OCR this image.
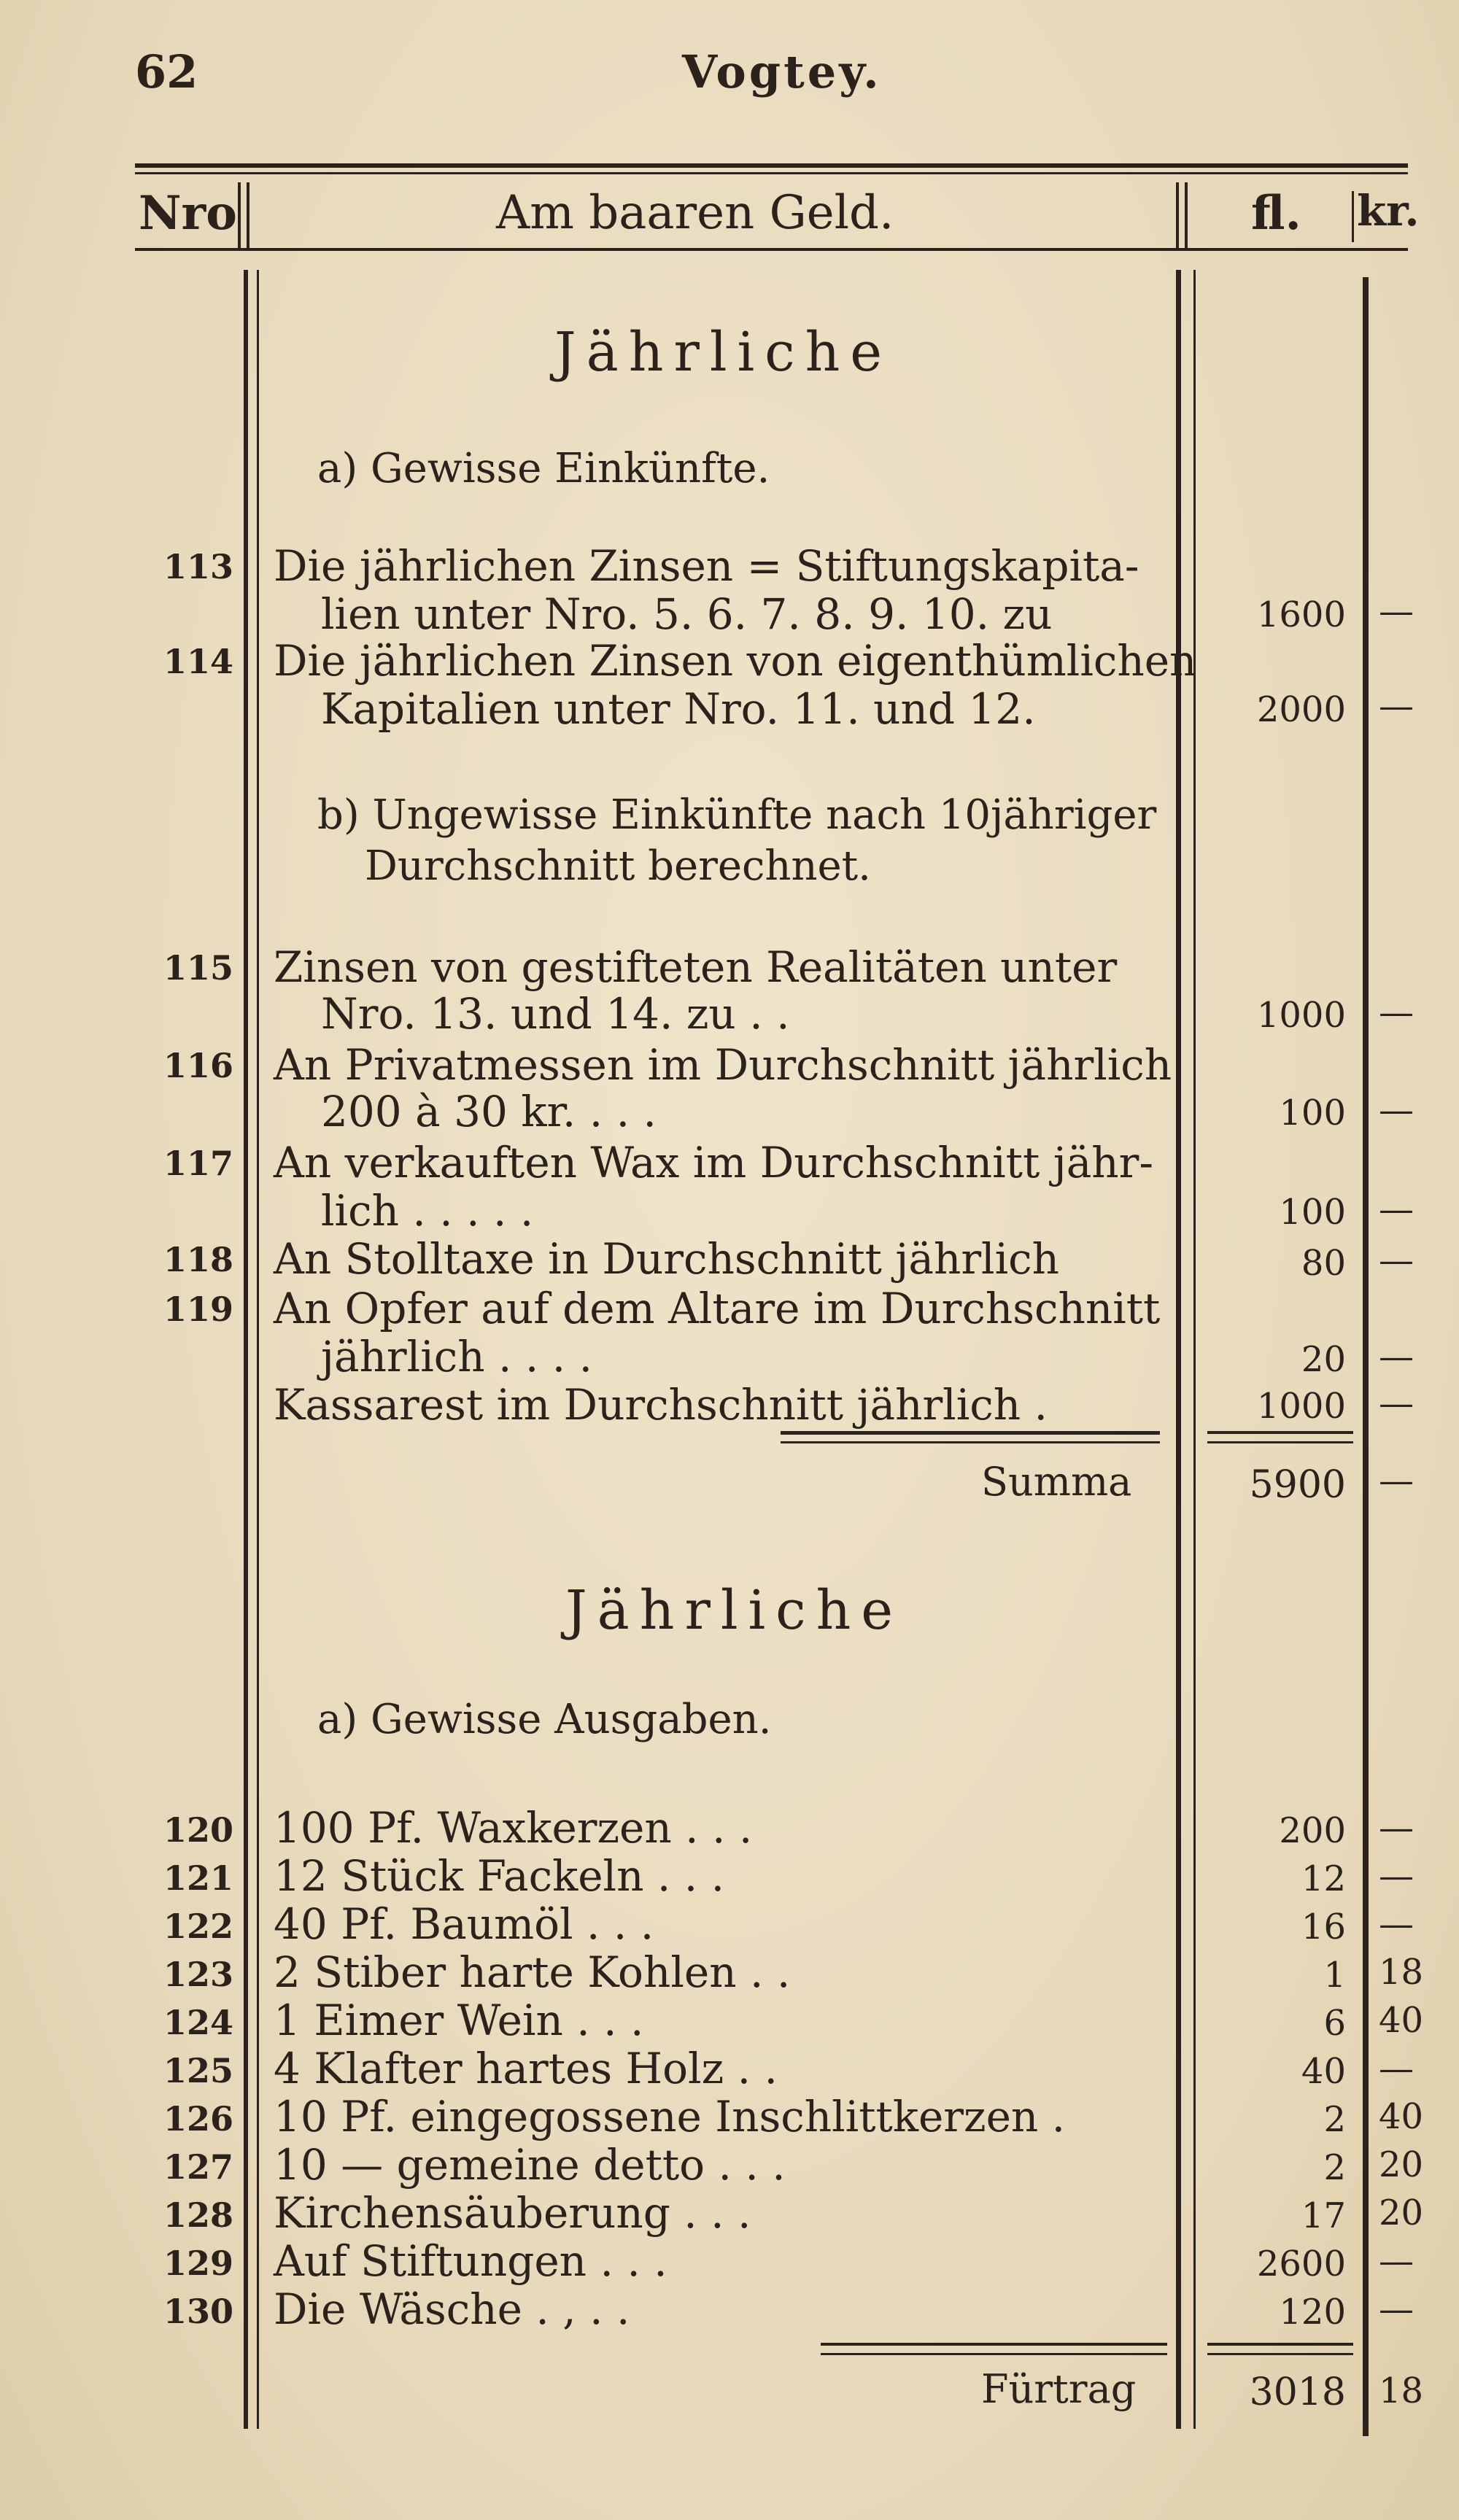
62	Vogtey.
Nro	Am baaren Geld.	fl. kr.
Jährliche
a) Gewisse Einkünfte.
113 Die jährlichen Zinsen = Stiftungskapita-
lien unter Nro. 5. 6. 7. 8. 9. 10. zu	1600 —
114 Die jährlichen Zinsen von eigenthümlichen
Kapitalien unter Nro. 11. und 12.	2000 —
b) Ungewisse Einkünfte nach 10jähriger
Durchschnitt berechnet.
115 Zinsen von gestifteten Realitäten unter
Nro. 13. und 14. zu . .	1000 —
116 An Privatmessen im Durchschnitt jährlich
200 à 30 kr. . . .	100 —
117 An verkauften Wax im Durchschnitt jähr-
lich . . . . .	100 —
118 An Stolltaxe in Durchschnitt jährlich	80 —
119 An Opfer auf dem Altare im Durchschnitt
jährlich . . . .	20 —
Kassarest im Durchschnitt jährlich .	1000 —
Summa	5900 —
Jährliche
a) Gewisse Ausgaben.
120 100 Pf. Waxkerzen . . .	200 —
121 12 Stück Fackeln . . .	12 —
122 40 Pf. Baumöl . . .	16 —
123 2 Stiber harte Kohlen . .	1 18
124 1 Eimer Wein . . .	6 40
125 4 Klafter hartes Holz . .	40 —
126 10 Pf. eingegossene Inschlittkerzen .	2 40
127 10 — gemeine detto . . .	2 20
128 Kirchensäuberung . . .	17 20
129 Auf Stiftungen . . .	2600 —
130 Die Wäsche . , . .	120 —
Fürtrag	3018 18
